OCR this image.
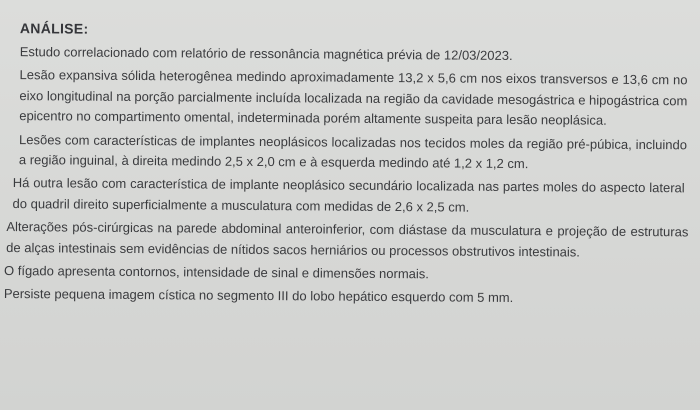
ANÁLISE:

Estudo correlacionado com relatório de ressonância magnética prévia de 12/03/2023.

Lesão expansiva sólida heterogênea medindo aproximadamente 13,2 x 5,6 cm nos eixos transversos e 13,6 cm no eixo longitudinal na porção parcialmente incluída localizada na região da cavidade mesogástrica e hipogástrica com epicentro no compartimento omental, indeterminada porém altamente suspeita para lesão neoplásica.

Lesões com características de implantes neoplásicos localizadas nos tecidos moles da região pré-púbica, incluindo a região inguinal, à direita medindo 2,5 x 2,0 cm e à esquerda medindo até 1,2 x 1,2 cm.

Há outra lesão com característica de implante neoplásico secundário localizada nas partes moles do aspecto lateral do quadril direito superficialmente a musculatura com medidas de 2,6 x 2,5 cm.

Alterações pós-cirúrgicas na parede abdominal anteroinferior, com diástase da musculatura e projeção de estruturas de alças intestinais sem evidências de nítidos sacos herniários ou processos obstrutivos intestinais.

O fígado apresenta contornos, intensidade de sinal e dimensões normais.

Persiste pequena imagem cística no segmento III do lobo hepático esquerdo com 5 mm.
